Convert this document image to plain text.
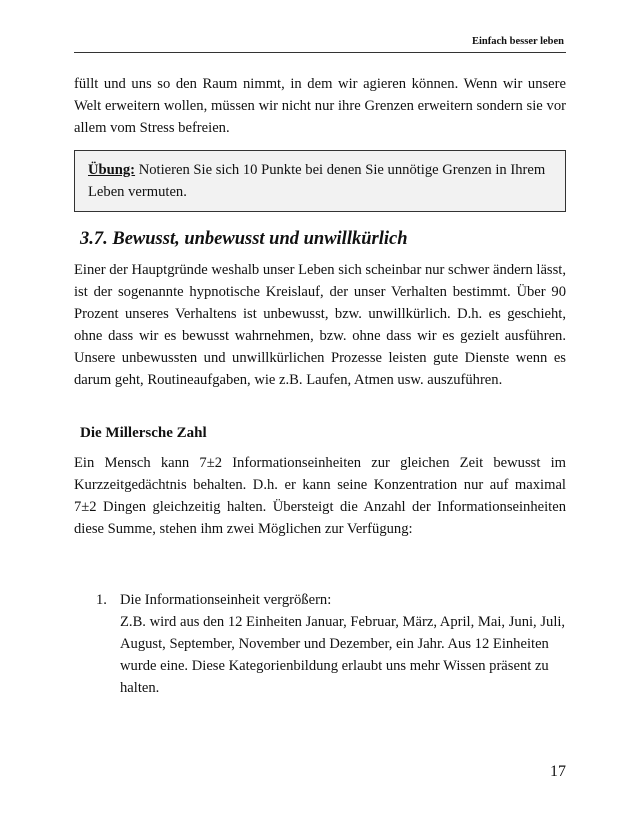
Einfach besser leben

füllt und uns so den Raum nimmt, in dem wir agieren können. Wenn wir unsere Welt erweitern wollen, müssen wir nicht nur ihre Grenzen erweitern sondern sie vor allem vom Stress befreien.

Übung: Notieren Sie sich 10 Punkte bei denen Sie unnötige Grenzen in Ihrem Leben vermuten.

3.7. Bewusst, unbewusst und unwillkürlich

Einer der Hauptgründe weshalb unser Leben sich scheinbar nur schwer ändern lässt, ist der sogenannte hypnotische Kreislauf, der unser Verhalten bestimmt. Über 90 Prozent unseres Verhaltens ist unbewusst, bzw. unwillkürlich. D.h. es geschieht, ohne dass wir es bewusst wahrnehmen, bzw. ohne dass wir es gezielt ausführen. Unsere unbewussten und unwillkürlichen Prozesse leisten gute Dienste wenn es darum geht, Routineaufgaben, wie z.B. Laufen, Atmen usw. auszuführen.

Die Millersche Zahl

Ein Mensch kann 7±2 Informationseinheiten zur gleichen Zeit bewusst im Kurzzeitgedächtnis behalten. D.h. er kann seine Konzentration nur auf maximal 7±2 Dingen gleichzeitig halten. Übersteigt die Anzahl der Informationseinheiten diese Summe, stehen ihm zwei Möglichen zur Verfügung:

1. Die Informationseinheit vergrößern:
Z.B. wird aus den 12 Einheiten Januar, Februar, März, April, Mai, Juni, Juli, August, September, November und Dezember, ein Jahr. Aus 12 Einheiten wurde eine. Diese Kategorienbildung erlaubt uns mehr Wissen präsent zu halten.

17
